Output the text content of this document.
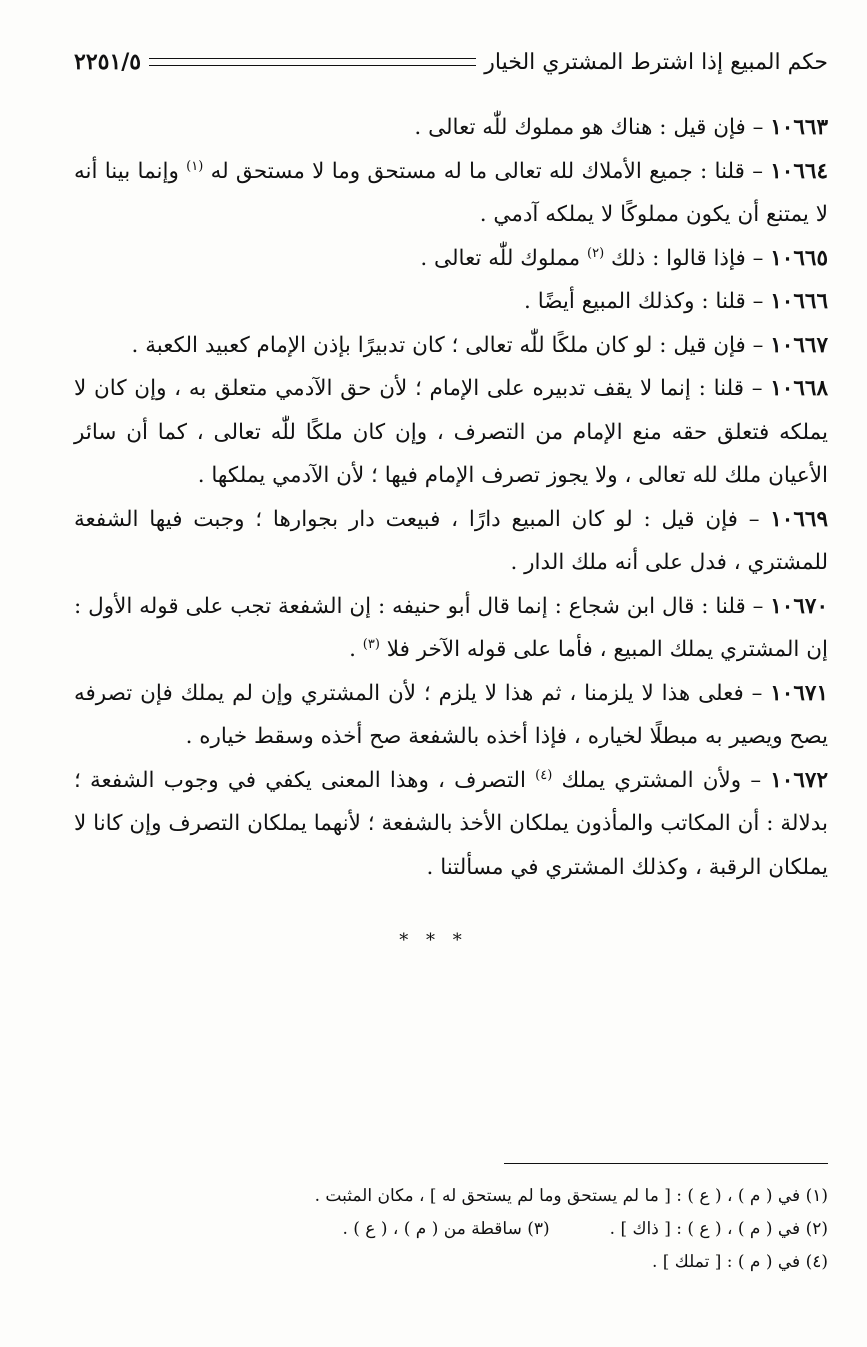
حكم المبيع إذا اشترط المشتري الخيار
٢٢٥١/٥

١٠٦٦٣ – فإن قيل : هناك هو مملوك للّٰه تعالى .

١٠٦٦٤ – قلنا : جميع الأملاك لله تعالى ما له مستحق وما لا مستحق له $^{(١)}$ وإنما بينا أنه لا يمتنع أن يكون مملوكًا لا يملكه آدمي .

١٠٦٦٥ – فإذا قالوا : ذلك $^{(٢)}$ مملوك للّٰه تعالى .

١٠٦٦٦ – قلنا : وكذلك المبيع أيضًا .

١٠٦٦٧ – فإن قيل : لو كان ملكًا للّٰه تعالى ؛ كان تدبيرًا بإذن الإمام كعبيد الكعبة .

١٠٦٦٨ – قلنا : إنما لا يقف تدبيره على الإمام ؛ لأن حق الآدمي متعلق به ، وإن كان لا يملكه فتعلق حقه منع الإمام من التصرف ، وإن كان ملكًا للّٰه تعالى ، كما أن سائر الأعيان ملك لله تعالى ، ولا يجوز تصرف الإمام فيها ؛ لأن الآدمي يملكها .

١٠٦٦٩ – فإن قيل : لو كان المبيع دارًا ، فبيعت دار بجوارها ؛ وجبت فيها الشفعة للمشتري ، فدل على أنه ملك الدار .

١٠٦٧٠ – قلنا : قال ابن شجاع : إنما قال أبو حنيفه : إن الشفعة تجب على قوله الأول : إن المشتري يملك المبيع ، فأما على قوله الآخر فلا $^{(٣)}$ .

١٠٦٧١ – فعلى هذا لا يلزمنا ، ثم هذا لا يلزم ؛ لأن المشتري وإن لم يملك فإن تصرفه يصح ويصير به مبطلًا لخياره ، فإذا أخذه بالشفعة صح أخذه وسقط خياره .

١٠٦٧٢ – ولأن المشتري يملك $^{(٤)}$ التصرف ، وهذا المعنى يكفي في وجوب الشفعة ؛ بدلالة : أن المكاتب والمأذون يملكان الأخذ بالشفعة ؛ لأنهما يملكان التصرف وإن كانا لا يملكان الرقبة ، وكذلك المشتري في مسألتنا .

* * *
(١) في ( م ) ، ( ع ) : [ ما لم يستحق وما لم يستحق له ] ، مكان المثبت .
(٢) في ( م ) ، ( ع ) : [ ذاك ] .(٣) ساقطة من ( م ) ، ( ع ) .
(٤) في ( م ) : [ تملك ] .
